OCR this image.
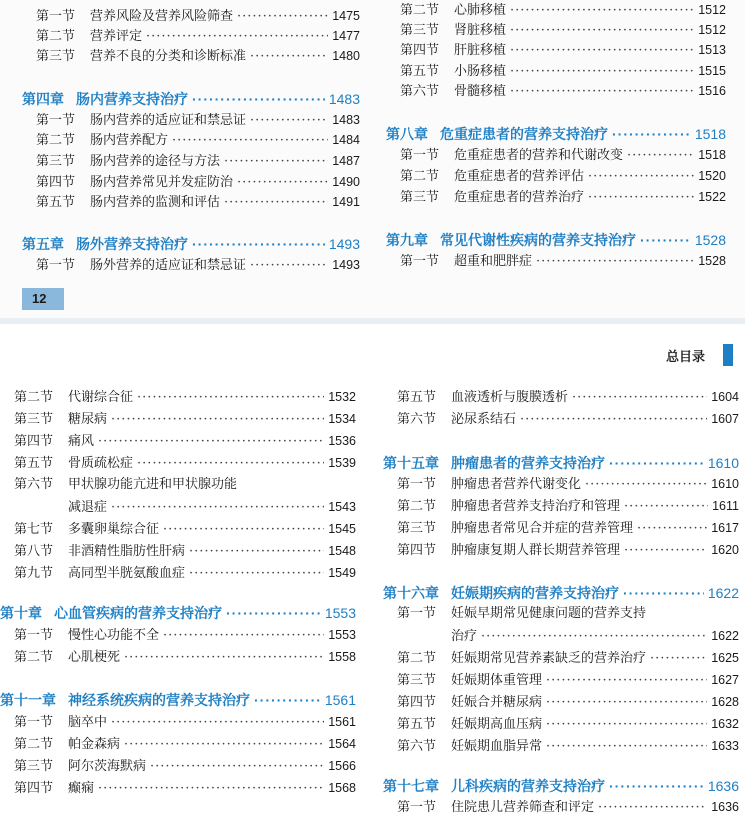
第一节	营养风险及营养风险筛查 ·····	1475
第二节	营养评定 ·····	1477
第三节	营养不良的分类和诊断标准 ·····	1480
第四章 肠内营养支持治疗 ·····	1483
第一节	肠内营养的适应证和禁忌证 ·····	1483
第二节	肠内营养配方 ·····	1484
第三节	肠内营养的途径与方法 ·····	1487
第四节	肠内营养常见并发症防治 ·····	1490
第五节	肠内营养的监测和评估 ·····	1491
第五章 肠外营养支持治疗 ·····	1493
第一节	肠外营养的适应证和禁忌证 ·····	1493
12
第二节	心肺移植 ·····	1512
第三节	肾脏移植 ·····	1512
第四节	肝脏移植 ·····	1513
第五节	小肠移植 ·····	1515
第六节	骨髓移植 ·····	1516
第八章 危重症患者的营养支持治疗 ·····	1518
第一节	危重症患者的营养和代谢改变 ·····	1518
第二节	危重症患者的营养评估 ·····	1520
第三节	危重症患者的营养治疗 ·····	1522
第九章 常见代谢性疾病的营养支持治疗 ·····	1528
第一节	超重和肥胖症 ·····	1528
总目录
第二节	代谢综合征 ·····	1532
第三节	糖尿病 ·····	1534
第四节	痛风 ·····	1536
第五节	骨质疏松症 ·····	1539
第六节	甲状腺功能亢进和甲状腺功能
减退症 ·····	1543
第七节	多囊卵巢综合征 ·····	1545
第八节	非酒精性脂肪性肝病 ·····	1548
第九节	高同型半胱氨酸血症 ·····	1549
第十章 心血管疾病的营养支持治疗 ·····	1553
第一节	慢性心功能不全 ·····	1553
第二节	心肌梗死 ·····	1558
第十一章 神经系统疾病的营养支持治疗 ·····	1561
第一节	脑卒中 ·····	1561
第二节	帕金森病 ·····	1564
第三节	阿尔茨海默病 ·····	1566
第四节	癫痫 ·····	1568
第五节	血液透析与腹膜透析 ·····	1604
第六节	泌尿系结石 ·····	1607
第十五章 肿瘤患者的营养支持治疗 ·····	1610
第一节	肿瘤患者营养代谢变化 ·····	1610
第二节	肿瘤患者营养支持治疗和管理 ·····	1611
第三节	肿瘤患者常见合并症的营养管理 ·····	1617
第四节	肿瘤康复期人群长期营养管理 ·····	1620
第十六章 妊娠期疾病的营养支持治疗 ·····	1622
第一节	妊娠早期常见健康问题的营养支持
治疗 ·····	1622
第二节	妊娠期常见营养素缺乏的营养治疗 ·····	1625
第三节	妊娠期体重管理 ·····	1627
第四节	妊娠合并糖尿病 ·····	1628
第五节	妊娠期高血压病 ·····	1632
第六节	妊娠期血脂异常 ·····	1633
第十七章 儿科疾病的营养支持治疗 ·····	1636
第一节	住院患儿营养筛查和评定 ·····	1636
